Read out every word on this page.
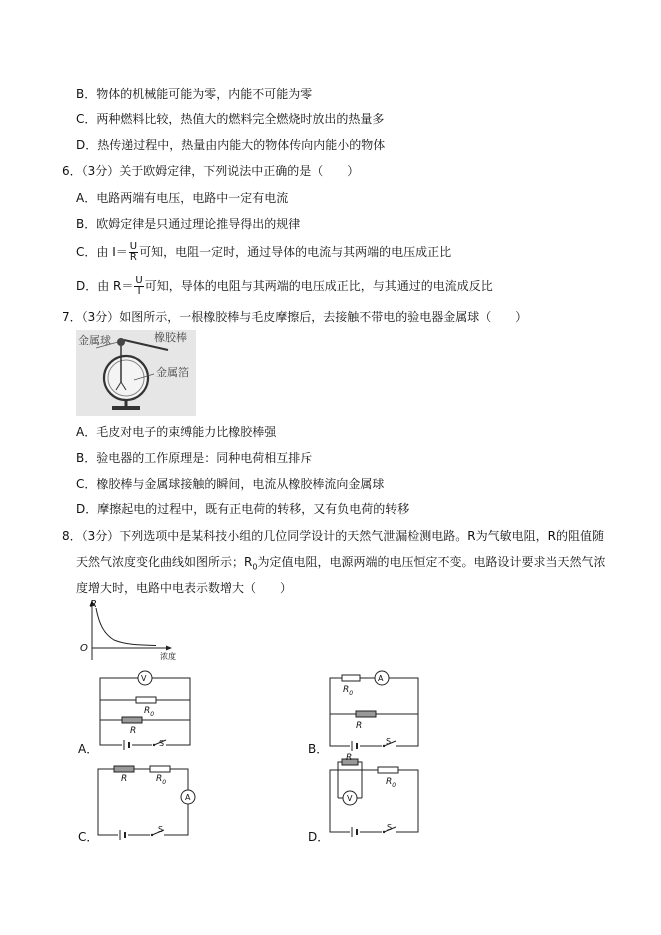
B．物体的机械能可能为零，内能不可能为零
C．两种燃料比较，热值大的燃料完全燃烧时放出的热量多
D．热传递过程中，热量由内能大的物体传向内能小的物体
6．（3分）关于欧姆定律，下列说法中正确的是（　　）
A．电路两端有电压，电路中一定有电流
B．欧姆定律是只通过理论推导得出的规律
C．由 $I= \frac{U}{R}$ 可知，电阻一定时，通过导体的电流与其两端的电压成正比
D．由 $R= \frac{U}{I}$ 可知，导体的电阻与其两端的电压成正比，与其通过的电流成反比
7．（3分）如图所示，一根橡胶棒与毛皮摩擦后，去接触不带电的验电器金属球（　　）
金属球	橡胶棒
金属箔
A．毛皮对电子的束缚能力比橡胶棒强
B．验电器的工作原理是：同种电荷相互排斥
C．橡胶棒与金属球接触的瞬间，电流从橡胶棒流向金属球
D．摩擦起电的过程中，既有正电荷的转移，又有负电荷的转移
8．（3分）下列选项中是某科技小组的几位同学设计的天然气泄漏检测电路。R为气敏电阻，R的阻值随
天然气浓度变化曲线如图所示；$R_0$为定值电阻，电源两端的电压恒定不变。电路设计要求当天然气浓
度增大时，电路中电表示数增大（　　）
R
O
浓度
V
$R_0$
R
S
A．
$R_0$
A
R
S
B．
R	$R_0$
A
S
C．
R
$R_0$
V
S
D．
